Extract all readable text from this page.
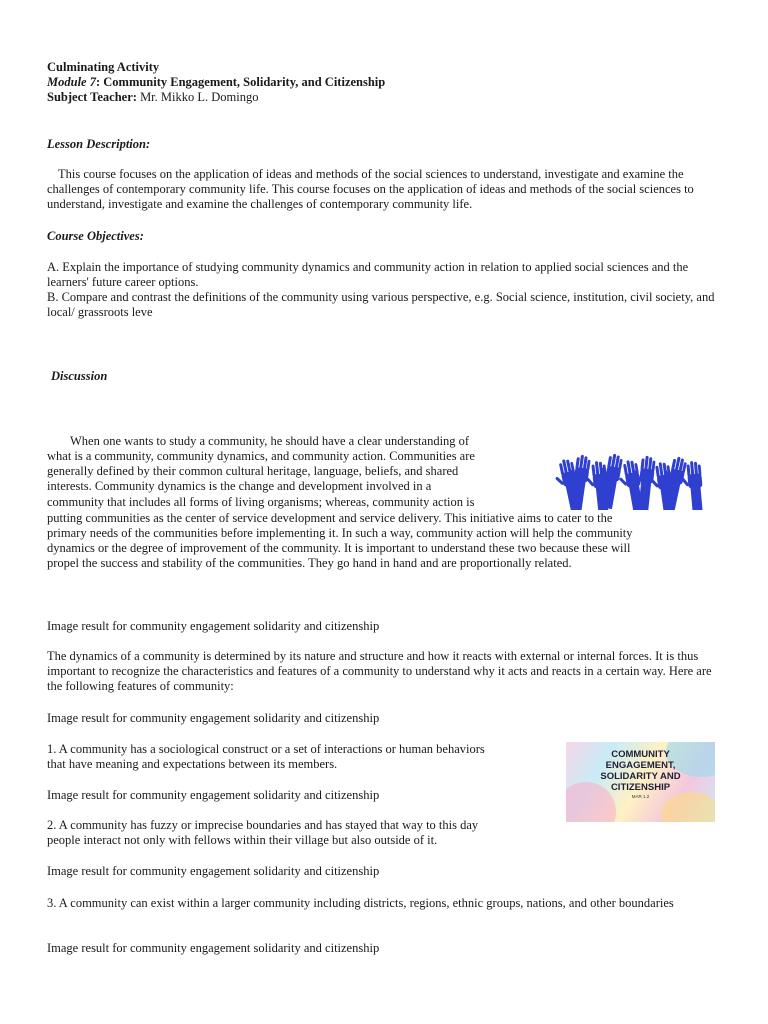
Culminating Activity

Module 7: Community Engagement, Solidarity, and Citizenship

Subject Teacher: Mr. Mikko L. Domingo

Lesson Description:

This course focuses on the application of ideas and methods of the social sciences to understand, investigate and examine the challenges of contemporary community life. This course focuses on the application of ideas and methods of the social sciences to understand, investigate and examine the challenges of contemporary community life.

Course Objectives:

A. Explain the importance of studying community dynamics and community action in relation to applied social sciences and the learners' future career options.

B. Compare and contrast the definitions of the community using various perspective, e.g. Social science, institution, civil society, and local/ grassroots leve

Discussion

When one wants to study a community, he should have a clear understanding of

what is a community, community dynamics, and community action. Communities are

generally defined by their common cultural heritage, language, beliefs, and shared

interests. Community dynamics is the change and development involved in a

community that includes all forms of living organisms; whereas, community action is

putting communities as the center of service development and service delivery. This initiative aims to cater to the

primary needs of the communities before implementing it. In such a way, community action will help the community

dynamics or the degree of improvement of the community. It is important to understand these two because these will

propel the success and stability of the communities. They go hand in hand and are proportionally related.

Image result for community engagement solidarity and citizenship

The dynamics of a community is determined by its nature and structure and how it reacts with external or internal forces. It is thus important to recognize the characteristics and features of a community to understand why it acts and reacts in a certain way. Here are the following features of community:

Image result for community engagement solidarity and citizenship

1. A community has a sociological construct or a set of interactions or human behaviors

that have meaning and expectations between its members.

Image result for community engagement solidarity and citizenship

2. A community has fuzzy or imprecise boundaries and has stayed that way to this day

people interact not only with fellows within their village but also outside of it.

Image result for community engagement solidarity and citizenship

3. A community can exist within a larger community including districts, regions, ethnic groups, nations, and other boundaries

Image result for community engagement solidarity and citizenship

COMMUNITY
ENGAGEMENT,
SOLIDARITY AND
CITIZENSHIP
MAR 1.2
